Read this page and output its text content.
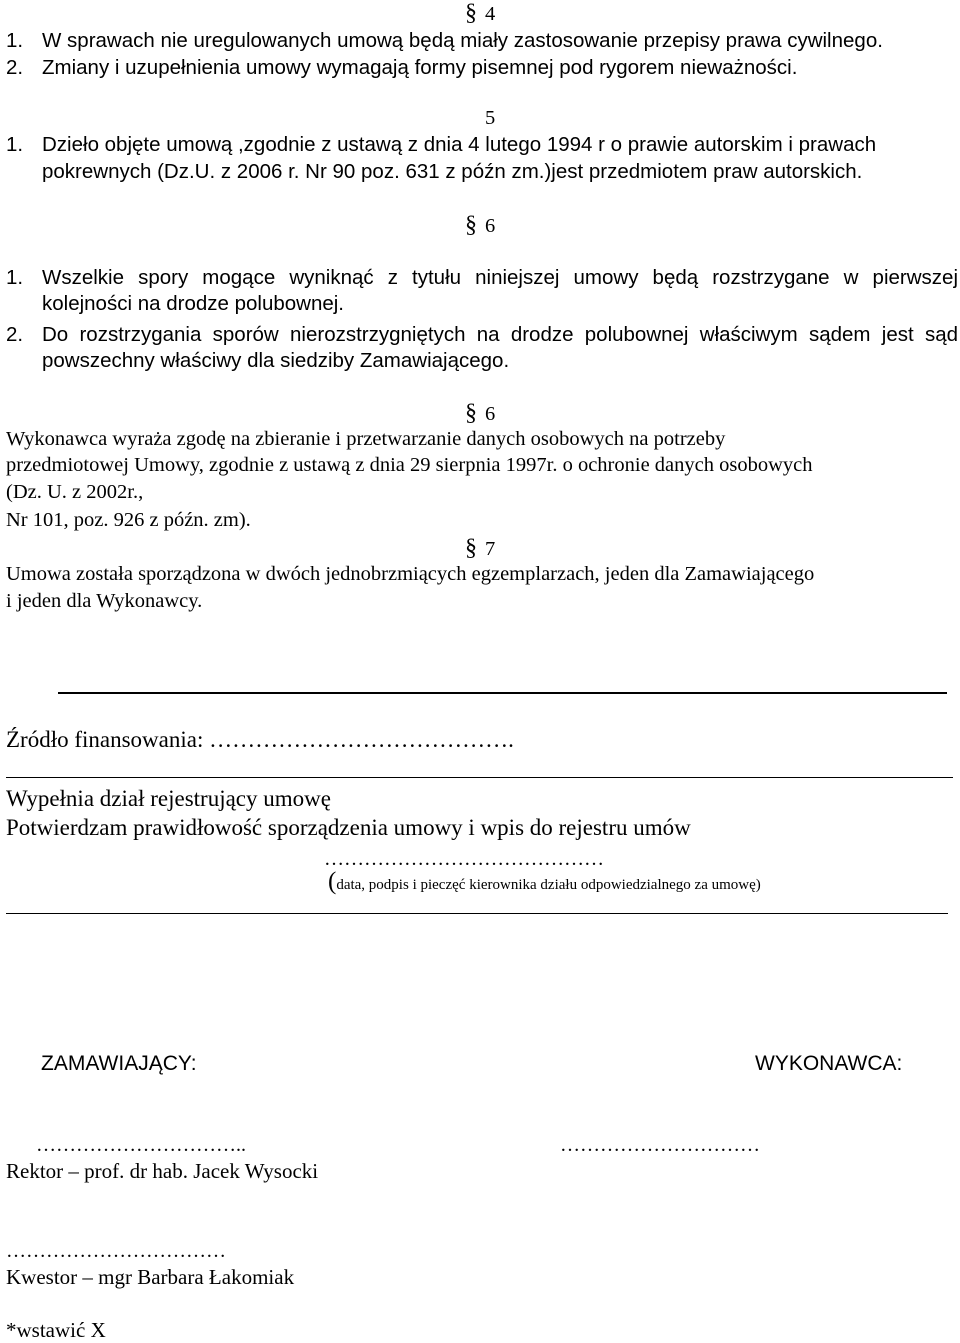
§ 4
1. W sprawach nie uregulowanych umową będą miały zastosowanie przepisy prawa cywilnego.
2. Zmiany i uzupełnienia umowy wymagają formy pisemnej pod rygorem nieważności.
5
1. Dzieło objęte umową ,zgodnie z ustawą z dnia 4 lutego 1994 r o prawie autorskim i prawach
pokrewnych (Dz.U. z 2006 r. Nr 90 poz. 631 z późn zm.)jest przedmiotem praw autorskich.
§ 6
1. Wszelkie spory mogące wyniknąć z tytułu niniejszej umowy będą rozstrzygane w pierwszej kolejności na drodze polubownej.
2. Do rozstrzygania sporów nierozstrzygniętych na drodze polubownej właściwym sądem jest sąd powszechny właściwy dla siedziby Zamawiającego.
§ 6
Wykonawca wyraża zgodę na zbieranie i przetwarzanie danych osobowych na potrzeby
przedmiotowej Umowy, zgodnie z ustawą z dnia 29 sierpnia 1997r. o ochronie danych osobowych
(Dz. U. z 2002r.,
Nr 101, poz. 926 z późn. zm).
§ 7
Umowa została sporządzona w dwóch jednobrzmiących egzemplarzach, jeden dla Zamawiającego
i jeden dla Wykonawcy.
Źródło finansowania: ………………………………….
Wypełnia dział rejestrujący umowę
Potwierdzam prawidłowość sporządzenia umowy i wpis do rejestru umów
……………………………………
(data, podpis i pieczęć kierownika działu odpowiedzialnego za umowę)
ZAMAWIAJĄCY:	WYKONAWCA:
…………………………..	…………………………
Rektor – prof. dr hab. Jacek Wysocki
……………………………
Kwestor – mgr Barbara Łakomiak
*wstawić X
